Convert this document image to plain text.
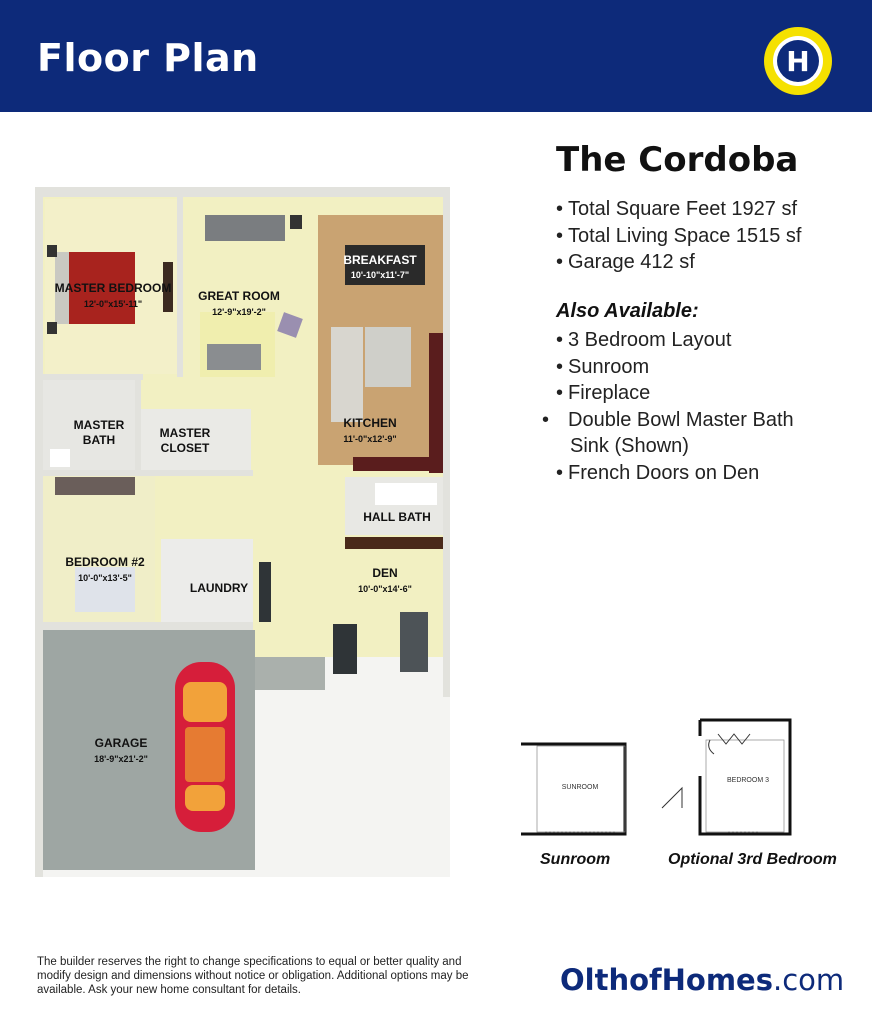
Floor Plan	H
The Cordoba
• Total Square Feet 1927 sf
• Total Living Space 1515 sf
• Garage 412 sf
Also Available:
• 3 Bedroom Layout
• Sunroom
• Fireplace
• Double Bowl Master Bath Sink (Shown)
• French Doors on Den
MASTER BEDROOM
12'-0"x15'-11"
GREAT ROOM
12'-9"x19'-2"
BREAKFAST
10'-10"x11'-7"
KITCHEN
11'-0"x12'-9"
MASTER
BATH	MASTER
CLOSET
HALL BATH
BEDROOM #2
10'-0"x13'-5"
LAUNDRY
DEN
10'-0"x14'-6"
GARAGE
18'-9"x21'-2"
SUNROOM
Sunroom
BEDROOM 3
Optional 3rd Bedroom
The builder reserves the right to change specifications to equal or better quality and modify design and dimensions without notice or obligation. Additional options may be available. Ask your new home consultant for details.	OlthofHomes.com
